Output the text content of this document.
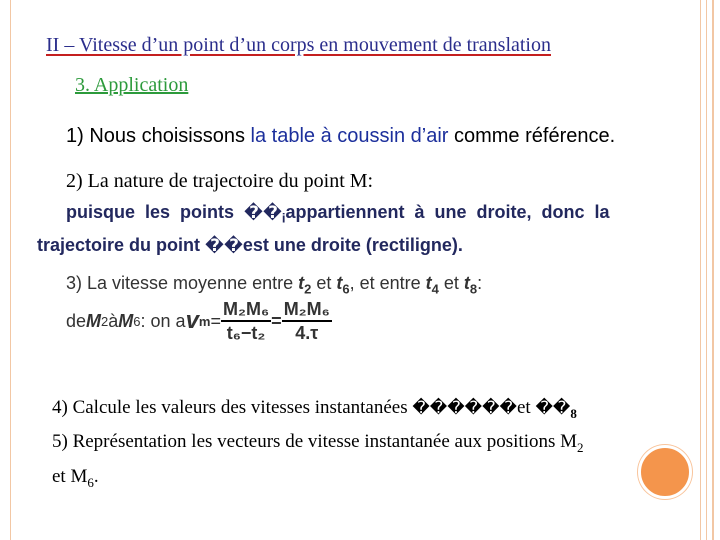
II – Vitesse d’un point d’un corps en mouvement de translation
3. Application
1) Nous choisissons la table à coussin d’air comme référence.
2) La nature de trajectoire du point M:
puisque les points $��_iappartiennent$ à une droite, donc la
trajectoire du point ��est une droite (rectiligne).
3) La vitesse moyenne entre $t_2$ et $t_6$, et entre $t_4$ et $t_8$:
de M 2 à M 6 : on a v $m = \frac{\text{M₂M₆}}{\text{t₆−t₂}} = \frac{\text{M₂M₆}}{4.\tau}$
4) Calcule les valeurs des vitesses instantanées ������et $��_8$
5) Représentation les vecteurs de vitesse instantanée aux positions $M_2$
et $M_6$.
